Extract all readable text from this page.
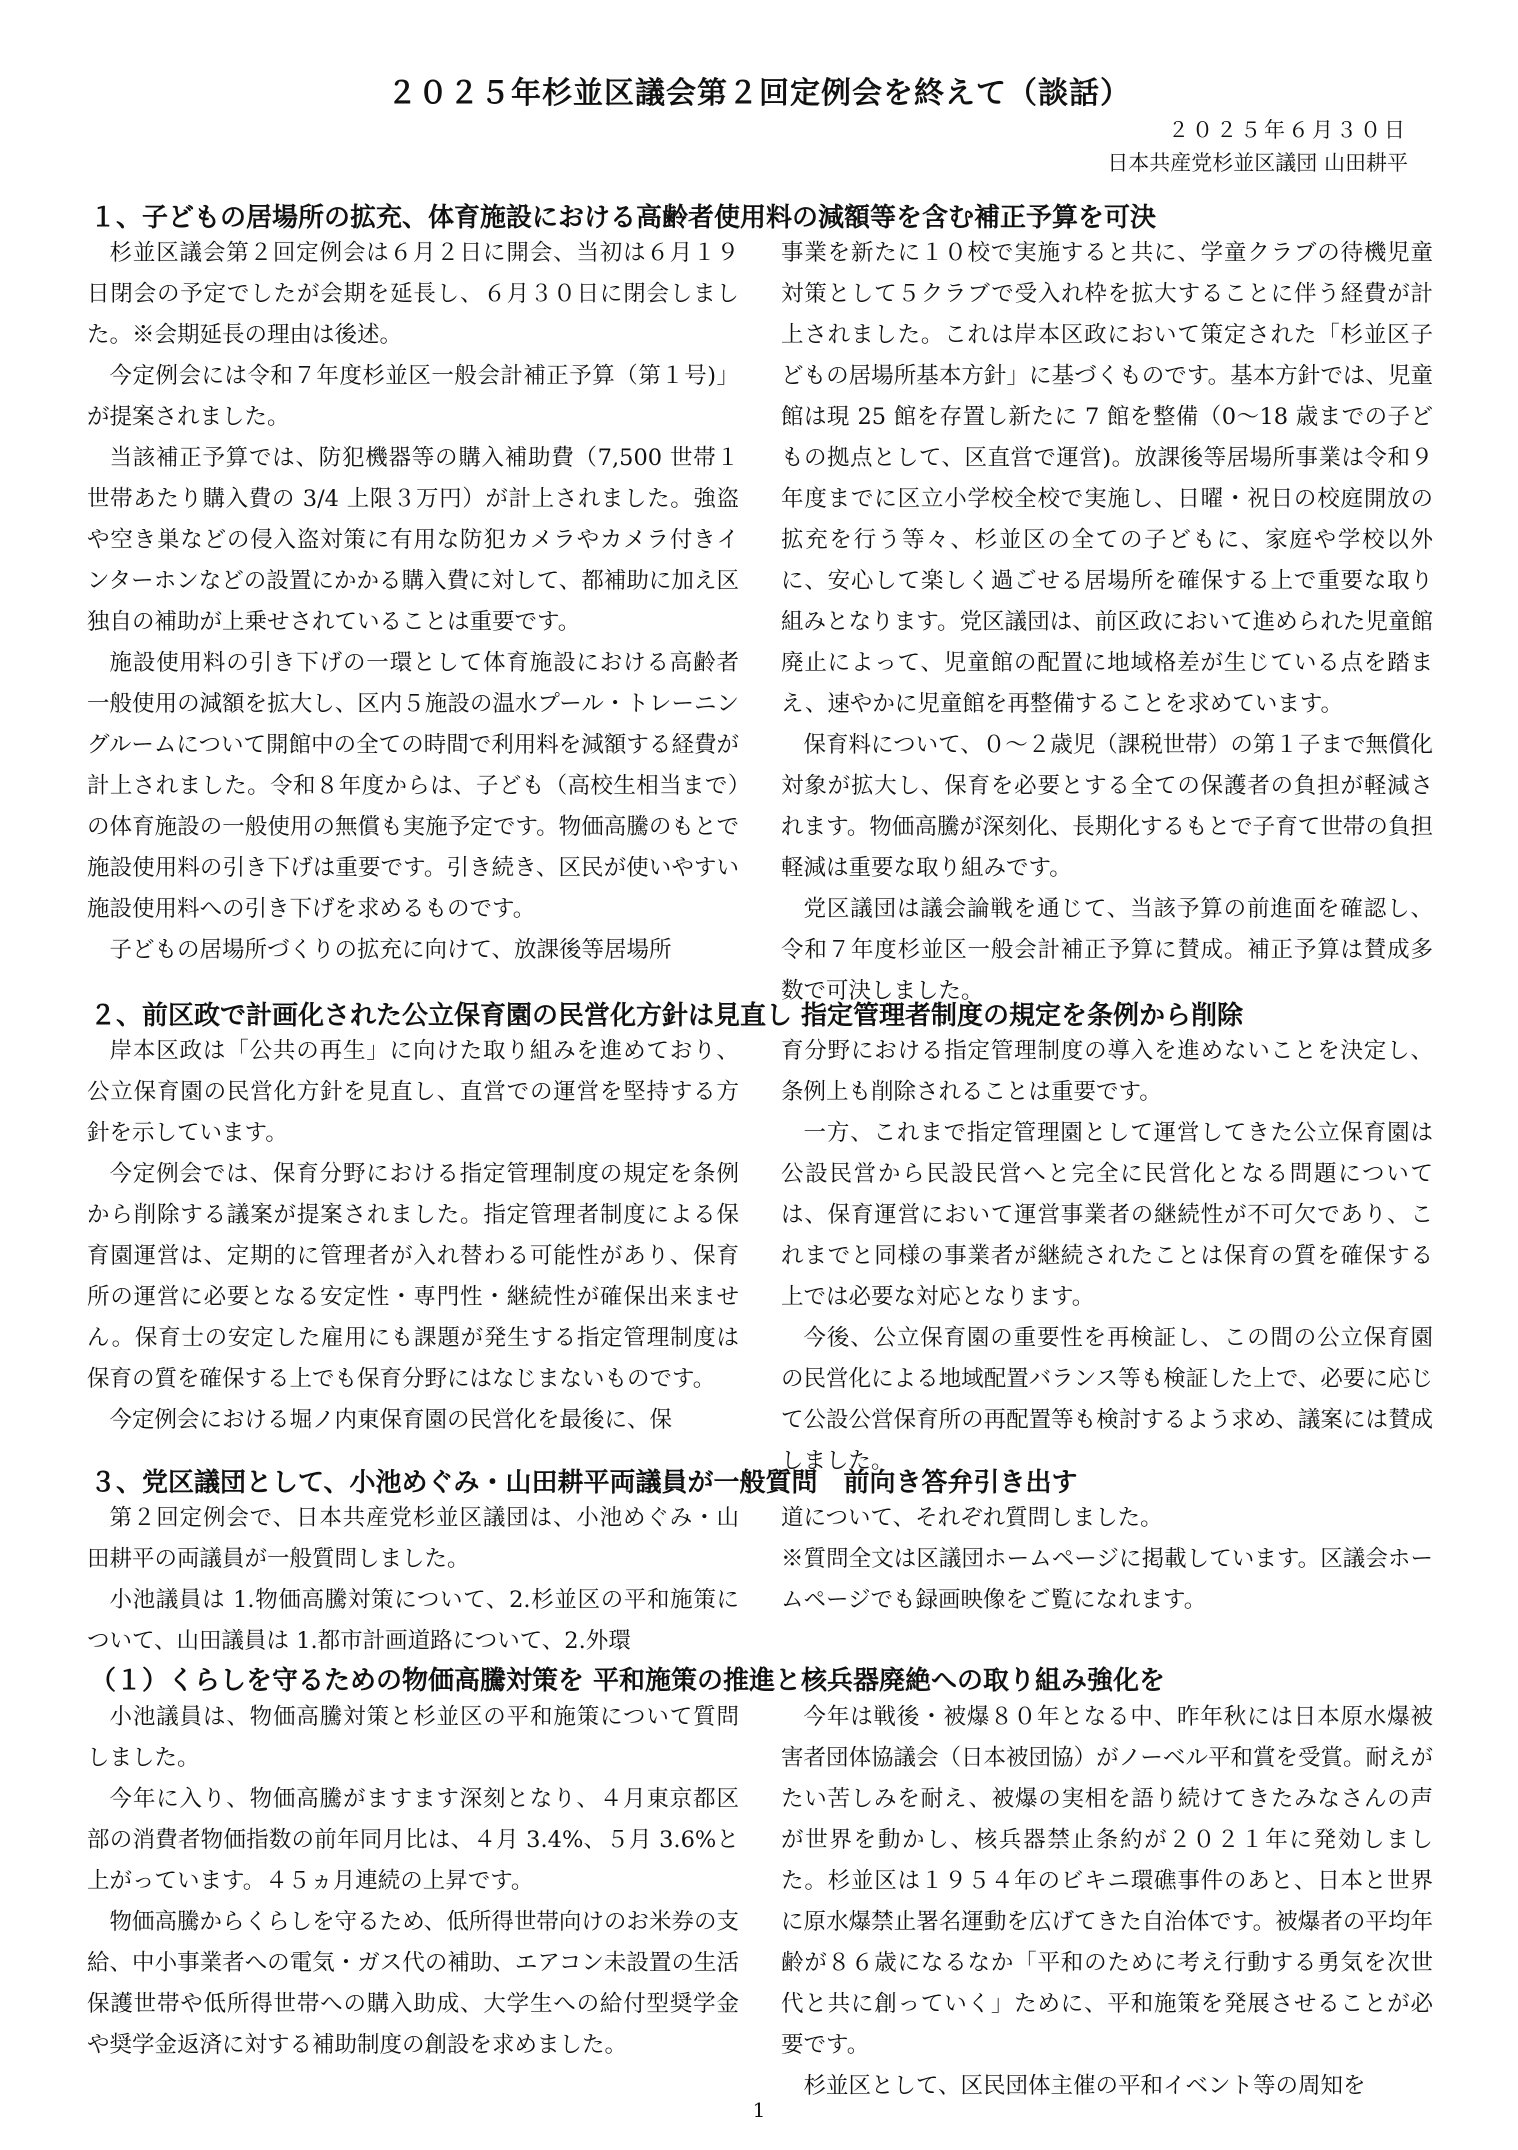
２０２５年杉並区議会第２回定例会を終えて（談話）
２０２５年６月３０日
日本共産党杉並区議団 山田耕平
１、子どもの居場所の拡充、体育施設における高齢者使用料の減額等を含む補正予算を可決

杉並区議会第２回定例会は６月２日に開会、当初は６月１９日閉会の予定でしたが会期を延長し、６月３０日に閉会しました。※会期延長の理由は後述。

今定例会には令和７年度杉並区一般会計補正予算（第１号)」が提案されました。

当該補正予算では、防犯機器等の購入補助費（7,500 世帯１世帯あたり購入費の 3/4 上限３万円）が計上されました。強盗や空き巣などの侵入盗対策に有用な防犯カメラやカメラ付きインターホンなどの設置にかかる購入費に対して、都補助に加え区独自の補助が上乗せされていることは重要です。

施設使用料の引き下げの一環として体育施設における高齢者一般使用の減額を拡大し、区内５施設の温水プール・トレーニングルームについて開館中の全ての時間で利用料を減額する経費が計上されました。令和８年度からは、子ども（高校生相当まで）の体育施設の一般使用の無償も実施予定です。物価高騰のもとで施設使用料の引き下げは重要です。引き続き、区民が使いやすい施設使用料への引き下げを求めるものです。

子どもの居場所づくりの拡充に向けて、放課後等居場所

事業を新たに１０校で実施すると共に、学童クラブの待機児童対策として５クラブで受入れ枠を拡大することに伴う経費が計上されました。これは岸本区政において策定された「杉並区子どもの居場所基本方針」に基づくものです。基本方針では、児童館は現 25 館を存置し新たに 7 館を整備（0〜18 歳までの子どもの拠点として、区直営で運営)。放課後等居場所事業は令和９年度までに区立小学校全校で実施し、日曜・祝日の校庭開放の拡充を行う等々、杉並区の全ての子どもに、家庭や学校以外に、安心して楽しく過ごせる居場所を確保する上で重要な取り組みとなります。党区議団は、前区政において進められた児童館廃止によって、児童館の配置に地域格差が生じている点を踏まえ、速やかに児童館を再整備することを求めています。

保育料について、０〜２歳児（課税世帯）の第１子まで無償化対象が拡大し、保育を必要とする全ての保護者の負担が軽減されます。物価高騰が深刻化、長期化するもとで子育て世帯の負担軽減は重要な取り組みです。

党区議団は議会論戦を通じて、当該予算の前進面を確認し、令和７年度杉並区一般会計補正予算に賛成。補正予算は賛成多数で可決しました。

２、前区政で計画化された公立保育園の民営化方針は見直し 指定管理者制度の規定を条例から削除

岸本区政は「公共の再生」に向けた取り組みを進めており、公立保育園の民営化方針を見直し、直営での運営を堅持する方針を示しています。

今定例会では、保育分野における指定管理制度の規定を条例から削除する議案が提案されました。指定管理者制度による保育園運営は、定期的に管理者が入れ替わる可能性があり、保育所の運営に必要となる安定性・専門性・継続性が確保出来ません。保育士の安定した雇用にも課題が発生する指定管理制度は保育の質を確保する上でも保育分野にはなじまないものです。

今定例会における堀ノ内東保育園の民営化を最後に、保

育分野における指定管理制度の導入を進めないことを決定し、条例上も削除されることは重要です。

一方、これまで指定管理園として運営してきた公立保育園は公設民営から民設民営へと完全に民営化となる問題については、保育運営において運営事業者の継続性が不可欠であり、これまでと同様の事業者が継続されたことは保育の質を確保する上では必要な対応となります。

今後、公立保育園の重要性を再検証し、この間の公立保育園の民営化による地域配置バランス等も検証した上で、必要に応じて公設公営保育所の再配置等も検討するよう求め、議案には賛成しました。

３、党区議団として、小池めぐみ・山田耕平両議員が一般質問　前向き答弁引き出す

第２回定例会で、日本共産党杉並区議団は、小池めぐみ・山田耕平の両議員が一般質問しました。

小池議員は 1.物価高騰対策について、2.杉並区の平和施策について、山田議員は 1.都市計画道路について、2.外環

道について、それぞれ質問しました。

※質問全文は区議団ホームページに掲載しています。区議会ホームページでも録画映像をご覧になれます。

（１）くらしを守るための物価高騰対策を 平和施策の推進と核兵器廃絶への取り組み強化を

小池議員は、物価高騰対策と杉並区の平和施策について質問しました。

今年に入り、物価高騰がますます深刻となり、４月東京都区部の消費者物価指数の前年同月比は、４月 3.4%、５月 3.6%と上がっています。４５ヵ月連続の上昇です。

物価高騰からくらしを守るため、低所得世帯向けのお米券の支給、中小事業者への電気・ガス代の補助、エアコン未設置の生活保護世帯や低所得世帯への購入助成、大学生への給付型奨学金や奨学金返済に対する補助制度の創設を求めました。

今年は戦後・被爆８０年となる中、昨年秋には日本原水爆被害者団体協議会（日本被団協）がノーベル平和賞を受賞。耐えがたい苦しみを耐え、被爆の実相を語り続けてきたみなさんの声が世界を動かし、核兵器禁止条約が２０２１年に発効しました。杉並区は１９５４年のビキニ環礁事件のあと、日本と世界に原水爆禁止署名運動を広げてきた自治体です。被爆者の平均年齢が８６歳になるなか「平和のために考え行動する勇気を次世代と共に創っていく」ために、平和施策を発展させることが必要です。

杉並区として、区民団体主催の平和イベント等の周知を

1
